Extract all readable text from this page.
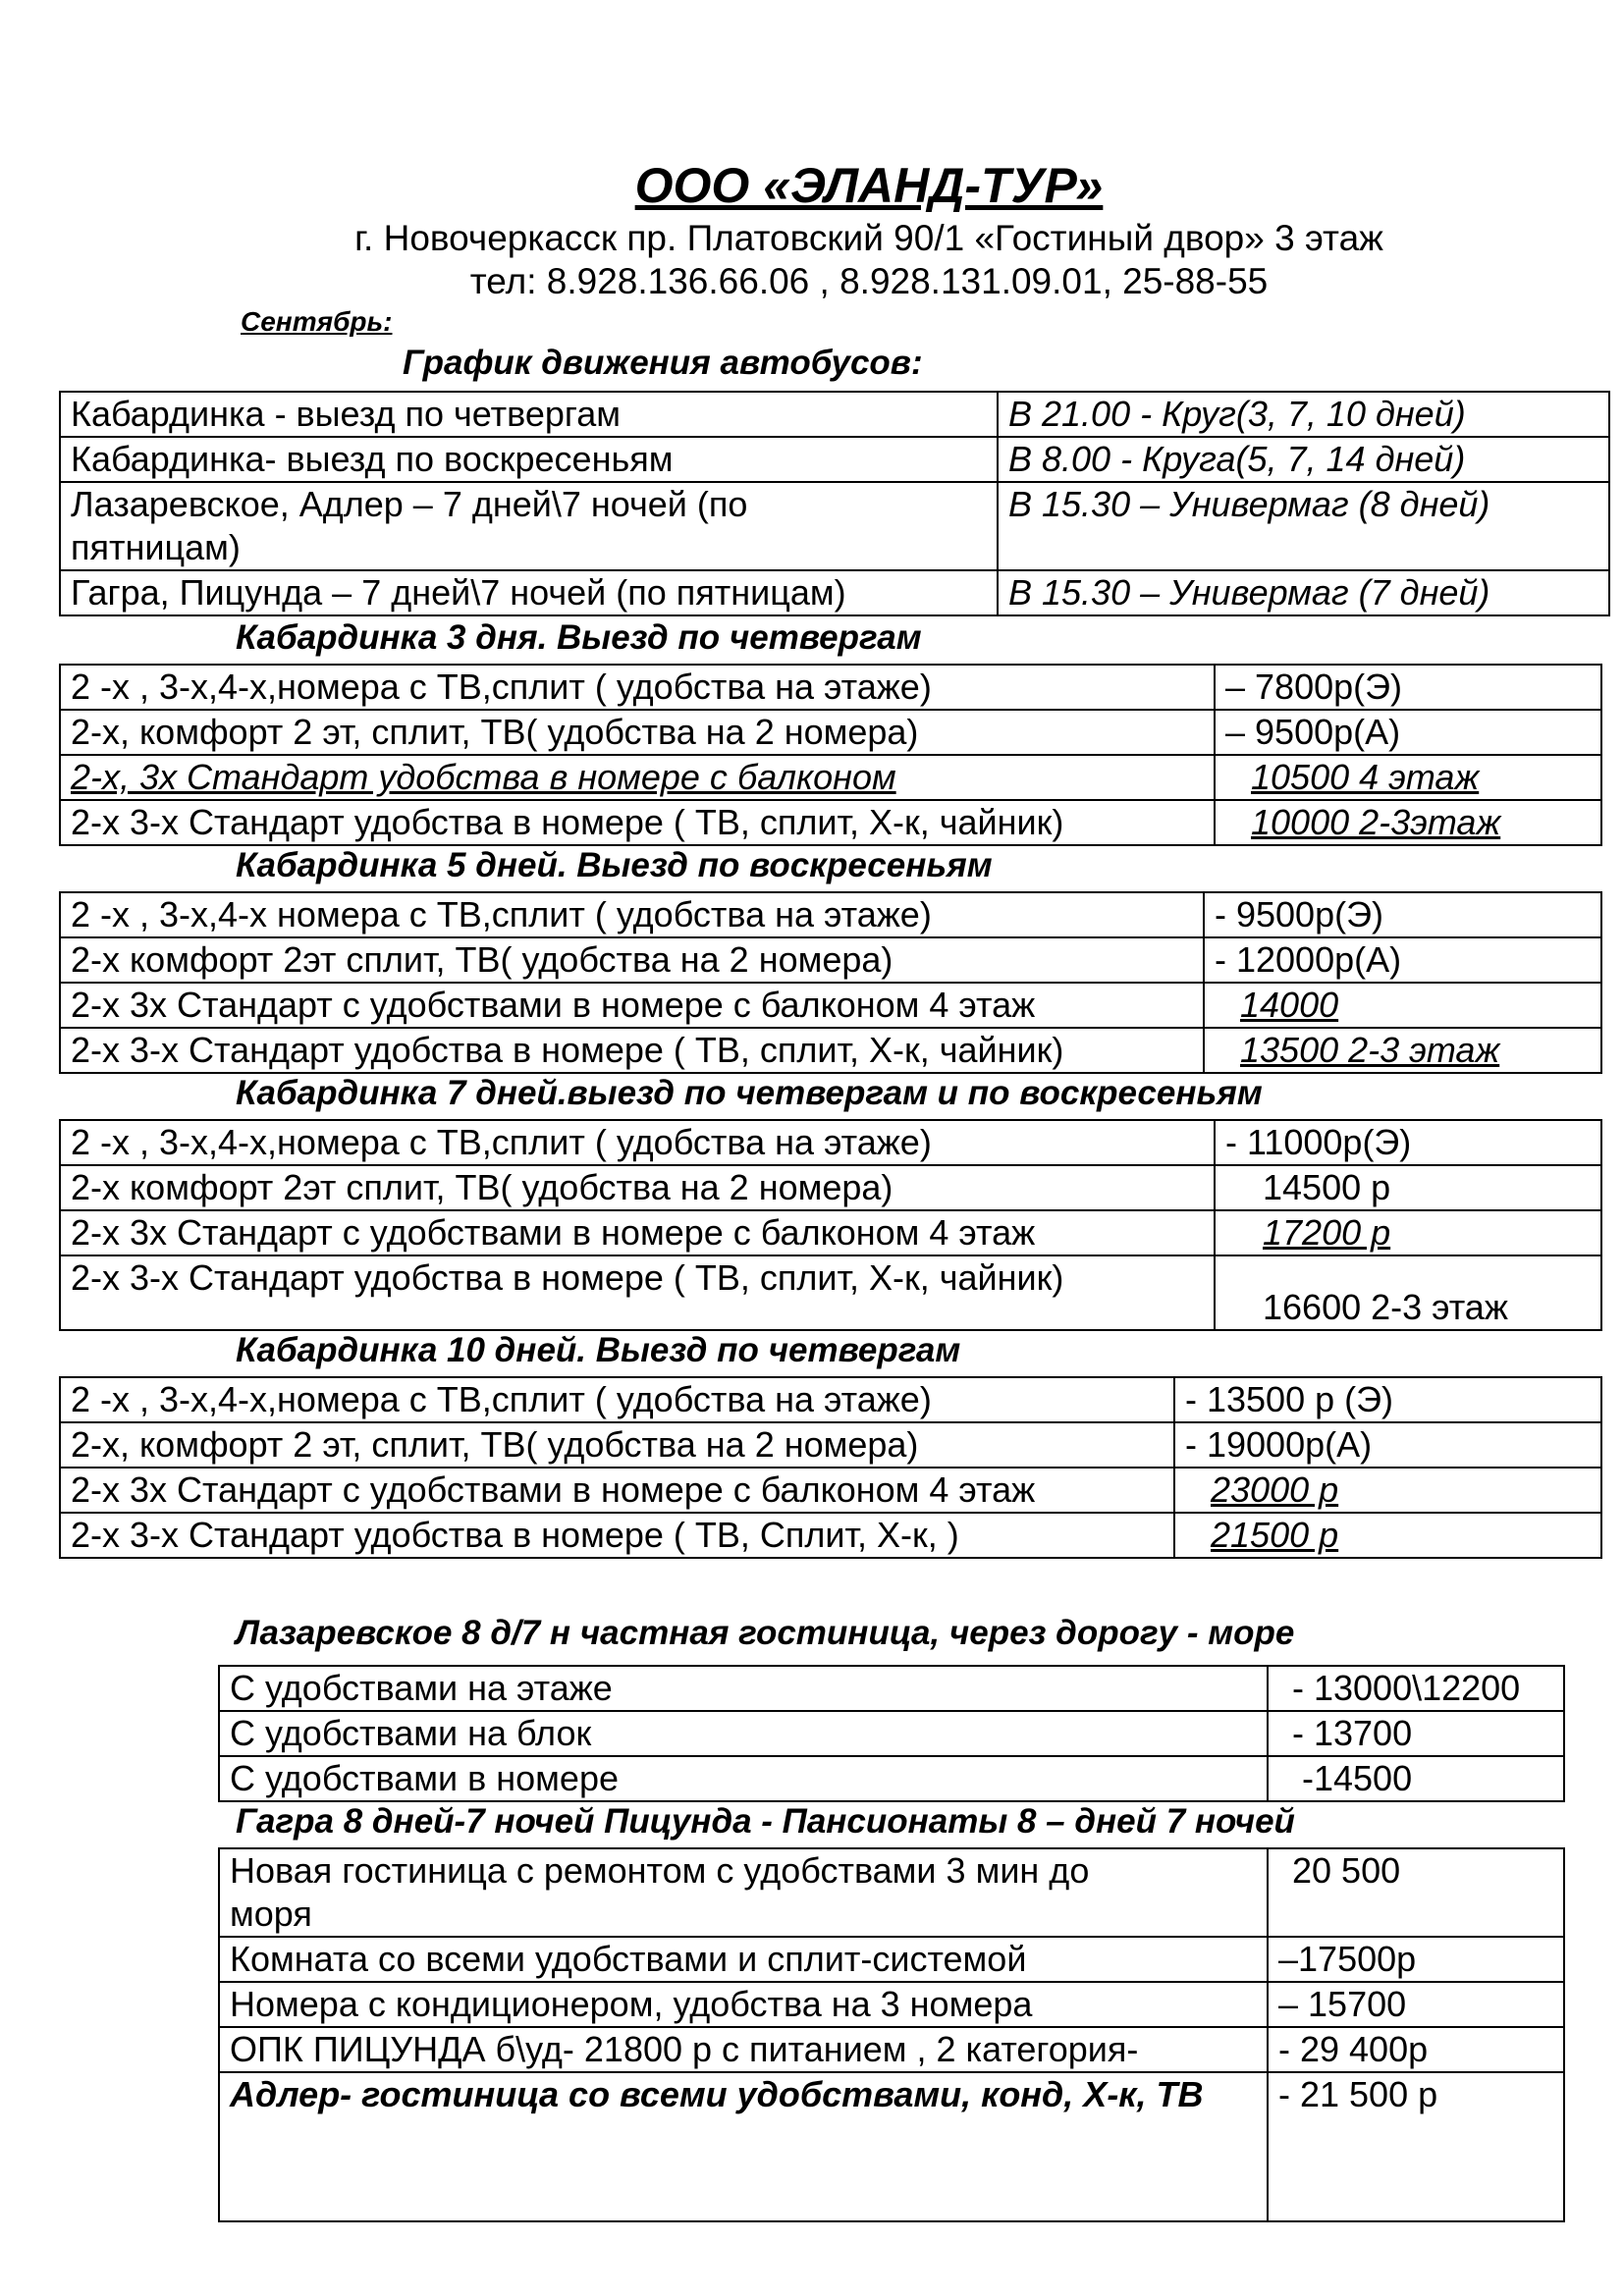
ООО «ЭЛАНД-ТУР»
г. Новочеркасск пр. Платовский 90/1 «Гостиный двор» 3 этаж
тел: 8.928.136.66.06 , 8.928.131.09.01, 25-88-55
Сентябрь:
График движения автобусов:
Кабардинка - выезд по четвергам	В 21.00 - Круг(3, 7, 10 дней)
Кабардинка- выезд по воскресеньям	В 8.00 - Круга(5, 7, 14 дней)
Лазаревское, Адлер – 7 дней\7 ночей (по пятницам)	В 15.30 – Универмаг (8 дней)
Гагра, Пицунда – 7 дней\7 ночей (по пятницам)	В 15.30 – Универмаг (7 дней)
Кабардинка 3 дня. Выезд по четвергам
2 -х , 3-х,4-х,номера с ТВ,сплит ( удобства на этаже)	– 7800р(Э)
2-х, комфорт 2 эт, сплит, ТВ( удобства на 2 номера)	– 9500р(А)
2-х, 3х Стандарт удобства в номере с балконом	10500 4 этаж
2-х 3-х Стандарт удобства в номере ( ТВ, сплит, Х-к, чайник)	10000 2-3этаж
Кабардинка 5 дней. Выезд по воскресеньям
2 -х , 3-х,4-х номера с ТВ,сплит ( удобства на этаже)	- 9500р(Э)
2-х комфорт 2эт сплит, ТВ( удобства на 2 номера)	- 12000р(А)
2-х 3х Стандарт с удобствами в номере с балконом 4 этаж	14000
2-х 3-х Стандарт удобства в номере ( ТВ, сплит, Х-к, чайник)	13500 2-3 этаж
Кабардинка 7 дней.выезд по четвергам и по воскресеньям
2 -х , 3-х,4-х,номера с ТВ,сплит ( удобства на этаже)	- 11000р(Э)
2-х комфорт 2эт сплит, ТВ( удобства на 2 номера)	14500 р
2-х 3х Стандарт с удобствами в номере с балконом 4 этаж	17200 р
2-х 3-х Стандарт удобства в номере ( ТВ, сплит, Х-к, чайник)	16600 2-3 этаж
Кабардинка 10 дней. Выезд по четвергам
2 -х , 3-х,4-х,номера с ТВ,сплит ( удобства на этаже)	- 13500 р (Э)
2-х, комфорт 2 эт, сплит, ТВ( удобства на 2 номера)	- 19000р(А)
2-х 3х Стандарт с удобствами в номере с балконом 4 этаж	23000 р
2-х 3-х Стандарт удобства в номере ( ТВ, Сплит, Х-к, )	21500 р
Лазаревское 8 д/7 н частная гостиница, через дорогу - море
С удобствами на этаже	- 13000\12200
С удобствами на блок	- 13700
С удобствами в номере	-14500
Гагра 8 дней-7 ночей Пицунда - Пансионаты 8 – дней 7 ночей
Новая гостиница с ремонтом с удобствами 3 мин до моря	20 500
Комната со всеми удобствами и сплит-системой	–17500р
Номера с кондиционером, удобства на 3 номера	– 15700
ОПК ПИЦУНДА б\уд- 21800 р с питанием , 2 категория-	- 29 400р
Адлер- гостиница со всеми удобствами, конд, Х-к, ТВ	- 21 500 р
